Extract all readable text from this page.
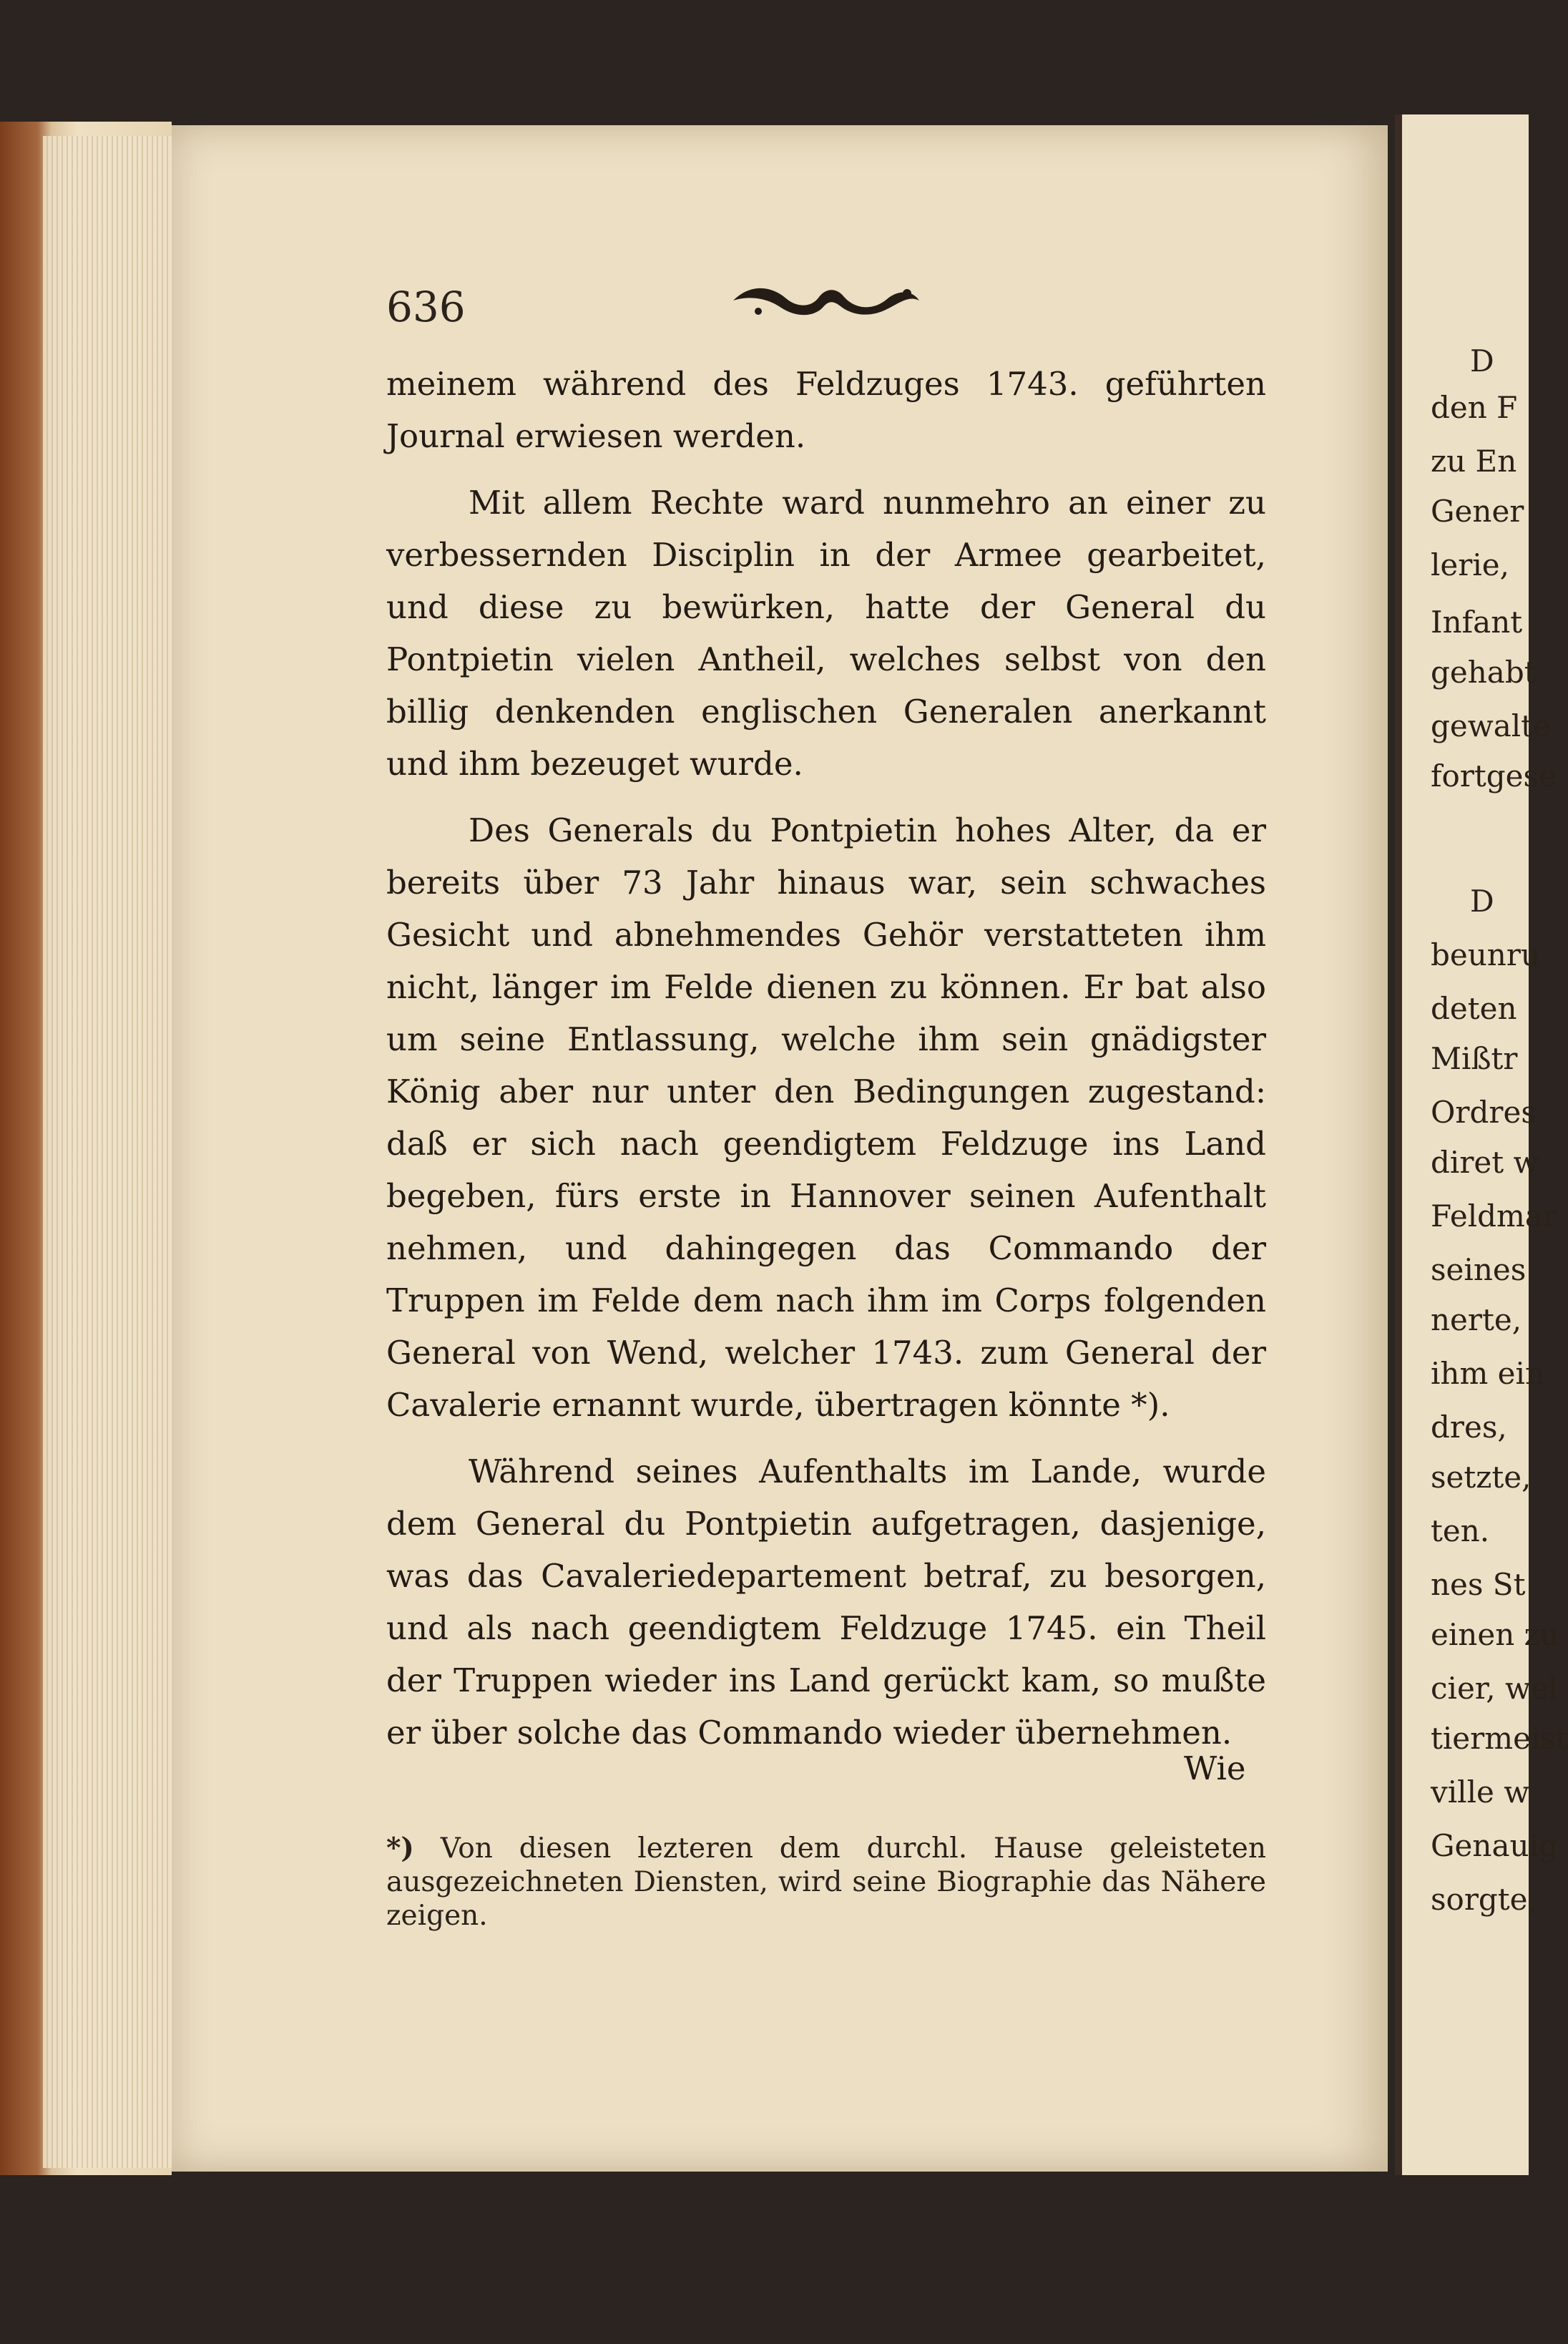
D
den F
zu En
Gener
lerie,
Infant
gehabt
gewalte
fortgese
D
beunru
deten
Mißtr
Ordres
diret w
Feldmar
seines
nerte,
ihm ein
dres,
setzte,
ten.
nes St
einen zu
cier, wel
tiermeist
ville w
Genauig
sorgte,
636

meinem während des Feldzuges 1743. geführten Journal erwiesen werden.

Mit allem Rechte ward nunmehro an einer zu verbessernden Disciplin in der Armee gearbeitet, und diese zu bewürken, hatte der General du Pontpietin vielen Antheil, welches selbst von den billig denkenden englischen Generalen anerkannt und ihm bezeuget wurde.

Des Generals du Pontpietin hohes Alter, da er bereits über 73 Jahr hinaus war, sein schwaches Gesicht und abnehmendes Gehör verstatteten ihm nicht, länger im Felde dienen zu können. Er bat also um seine Entlassung, welche ihm sein gnädigster König aber nur unter den Bedingungen zugestand: daß er sich nach geendigtem Feldzuge ins Land begeben, fürs erste in Hannover seinen Aufenthalt nehmen, und dahingegen das Commando der Truppen im Felde dem nach ihm im Corps folgenden General von Wend, welcher 1743. zum General der Cavalerie ernannt wurde, übertragen könnte *).

Während seines Aufenthalts im Lande, wurde dem General du Pontpietin aufgetragen, dasjenige, was das Cavaleriedepartement betraf, zu besorgen, und als nach geendigtem Feldzuge 1745. ein Theil der Truppen wieder ins Land gerückt kam, so mußte er über solche das Commando wieder übernehmen.

Wie
*) Von diesen lezteren dem durchl. Hause geleisteten ausgezeichneten Diensten, wird seine Biographie das Nähere zeigen.
